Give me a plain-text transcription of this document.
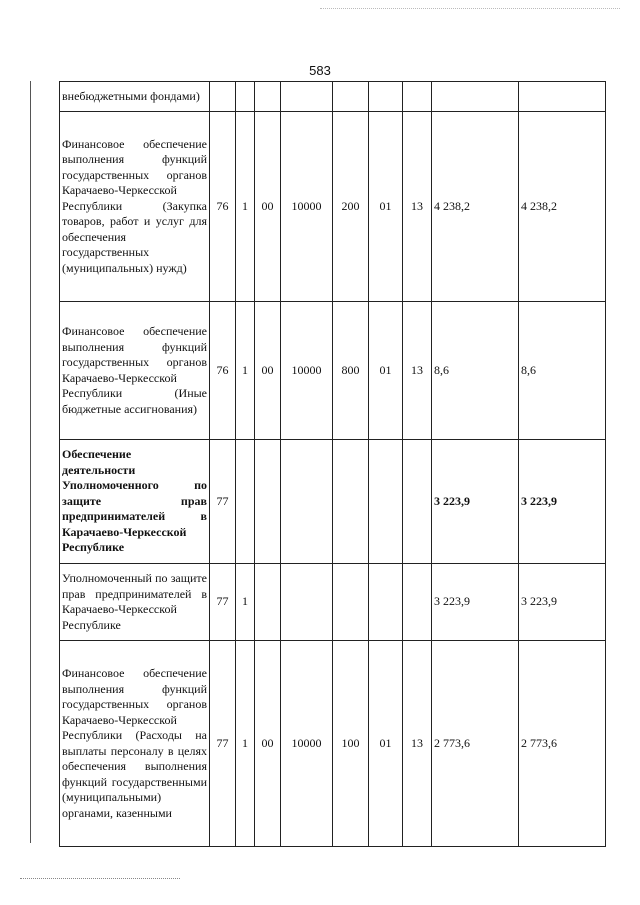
583
внебюджетными фондами)									
Финансовое обеспечение выполнения функций государственных органов Карачаево-Черкесской Республики (Закупка товаров, работ и услуг для обеспечения государственных (муниципальных) нужд)	76	1	00	10000	200	01	13	4 238,2	4 238,2
Финансовое обеспечение выполнения функций государственных органов Карачаево-Черкесской Республики (Иные бюджетные ассигнования)	76	1	00	10000	800	01	13	8,6	8,6
Обеспечение деятельности Уполномоченного по защите прав предпринимателей в Карачаево-Черкесской Республике	77							3 223,9	3 223,9
Уполномоченный по защите прав предпринимателей в Карачаево-Черкесской Республике	77	1						3 223,9	3 223,9
Финансовое обеспечение выполнения функций государственных органов Карачаево-Черкесской Республики (Расходы на выплаты персоналу в целях обеспечения выполнения функций государственными (муниципальными) органами, казенными	77	1	00	10000	100	01	13	2 773,6	2 773,6
